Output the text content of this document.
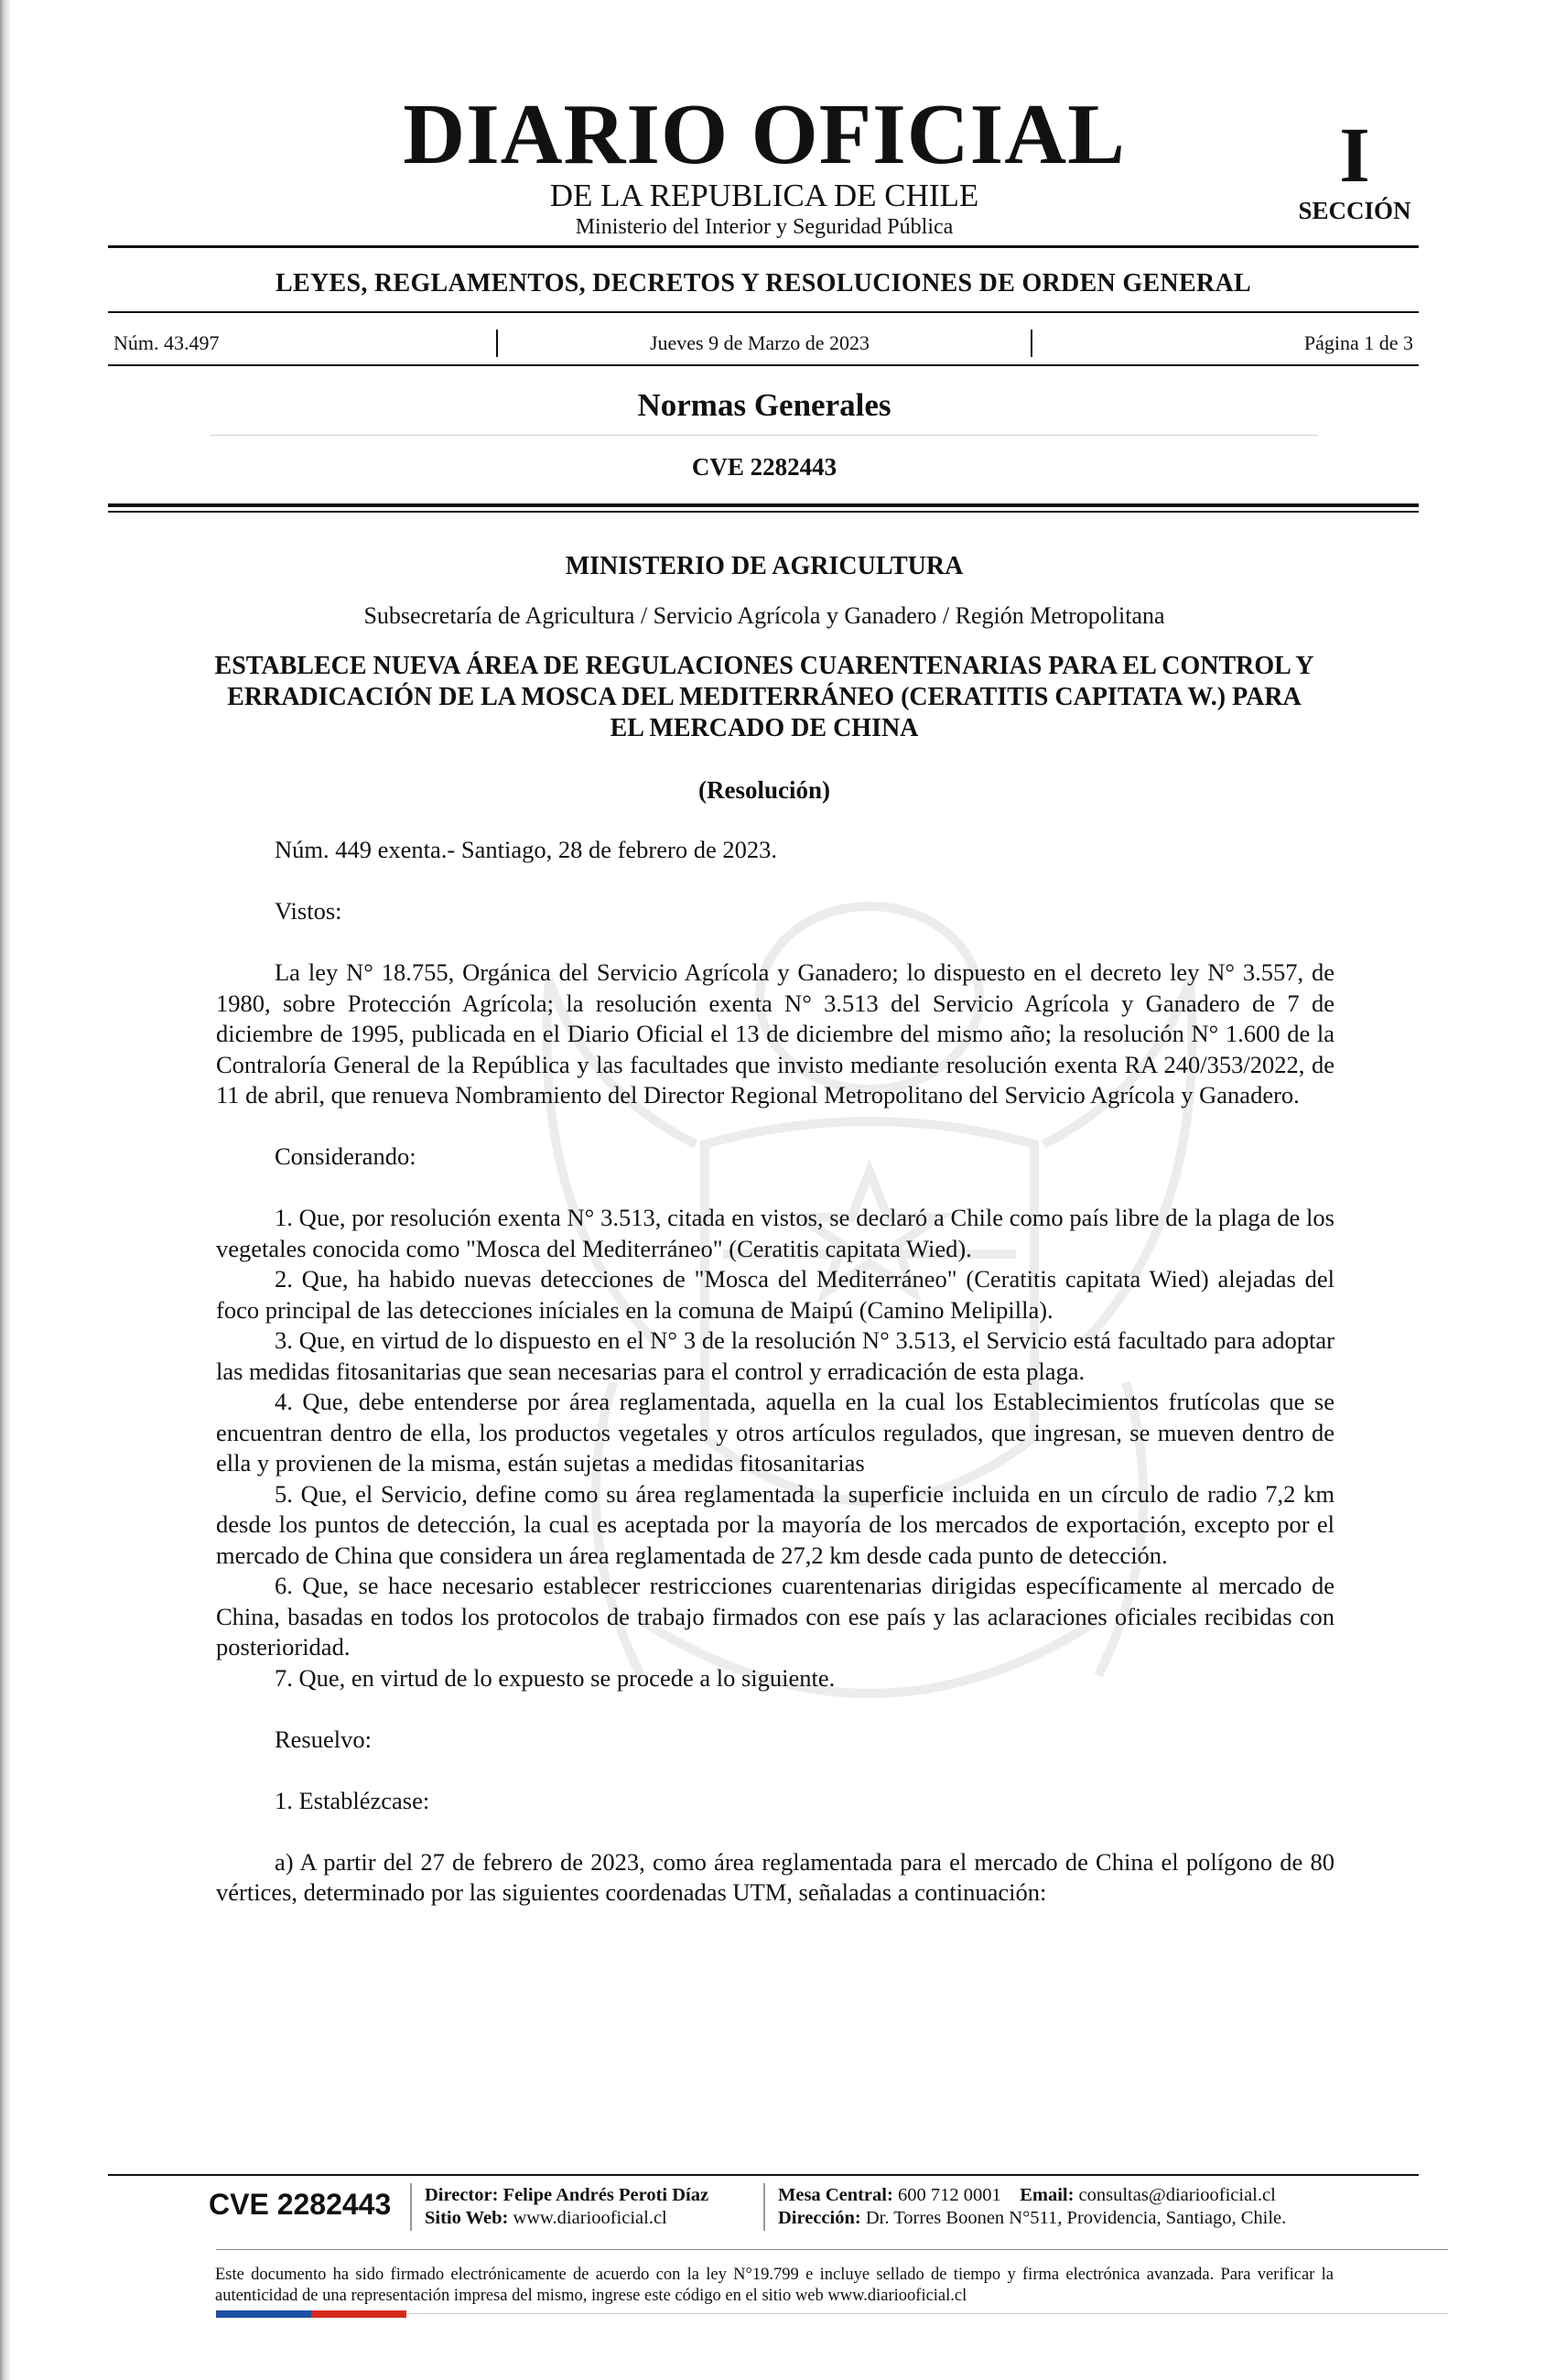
DIARIO OFICIAL
DE LA REPUBLICA DE CHILE
Ministerio del Interior y Seguridad Pública
I
SECCIÓN
LEYES, REGLAMENTOS, DECRETOS Y RESOLUCIONES DE ORDEN GENERAL
Núm. 43.497	Jueves 9 de Marzo de 2023	Página 1 de 3
Normas Generales
CVE 2282443
MINISTERIO DE AGRICULTURA
Subsecretaría de Agricultura / Servicio Agrícola y Ganadero / Región Metropolitana
ESTABLECE NUEVA ÁREA DE REGULACIONES CUARENTENARIAS PARA EL CONTROL Y ERRADICACIÓN DE LA MOSCA DEL MEDITERRÁNEO (CERATITIS CAPITATA W.) PARA EL MERCADO DE CHINA
(Resolución)

Núm. 449 exenta.- Santiago, 28 de febrero de 2023.

Vistos:

La ley N° 18.755, Orgánica del Servicio Agrícola y Ganadero; lo dispuesto en el decreto ley N° 3.557, de 1980, sobre Protección Agrícola; la resolución exenta N° 3.513 del Servicio Agrícola y Ganadero de 7 de diciembre de 1995, publicada en el Diario Oficial el 13 de diciembre del mismo año; la resolución N° 1.600 de la Contraloría General de la República y las facultades que invisto mediante resolución exenta RA 240/353/2022, de 11 de abril, que renueva Nombramiento del Director Regional Metropolitano del Servicio Agrícola y Ganadero.

Considerando:

1. Que, por resolución exenta N° 3.513, citada en vistos, se declaró a Chile como país libre de la plaga de los vegetales conocida como "Mosca del Mediterráneo" (Ceratitis capitata Wied).

2. Que, ha habido nuevas detecciones de "Mosca del Mediterráneo" (Ceratitis capitata Wied) alejadas del foco principal de las detecciones iníciales en la comuna de Maipú (Camino Melipilla).

3. Que, en virtud de lo dispuesto en el N° 3 de la resolución N° 3.513, el Servicio está facultado para adoptar las medidas fitosanitarias que sean necesarias para el control y erradicación de esta plaga.

4. Que, debe entenderse por área reglamentada, aquella en la cual los Establecimientos frutícolas que se encuentran dentro de ella, los productos vegetales y otros artículos regulados, que ingresan, se mueven dentro de ella y provienen de la misma, están sujetas a medidas fitosanitarias

5. Que, el Servicio, define como su área reglamentada la superficie incluida en un círculo de radio 7,2 km desde los puntos de detección, la cual es aceptada por la mayoría de los mercados de exportación, excepto por el mercado de China que considera un área reglamentada de 27,2 km desde cada punto de detección.

6. Que, se hace necesario establecer restricciones cuarentenarias dirigidas específicamente al mercado de China, basadas en todos los protocolos de trabajo firmados con ese país y las aclaraciones oficiales recibidas con posterioridad.

7. Que, en virtud de lo expuesto se procede a lo siguiente.

Resuelvo:

1. Establézcase:

a) A partir del 27 de febrero de 2023, como área reglamentada para el mercado de China el polígono de 80 vértices, determinado por las siguientes coordenadas UTM, señaladas a continuación:

CVE 2282443 Director: Felipe Andrés Peroti Díaz
Sitio Web: www.diariooficial.cl
Mesa Central: 600 712 0001 Email: consultas@diariooficial.cl
Dirección: Dr. Torres Boonen N°511, Providencia, Santiago, Chile.
Este documento ha sido firmado electrónicamente de acuerdo con la ley N°19.799 e incluye sellado de tiempo y firma electrónica avanzada. Para verificar la autenticidad de una representación impresa del mismo, ingrese este código en el sitio web www.diariooficial.cl
